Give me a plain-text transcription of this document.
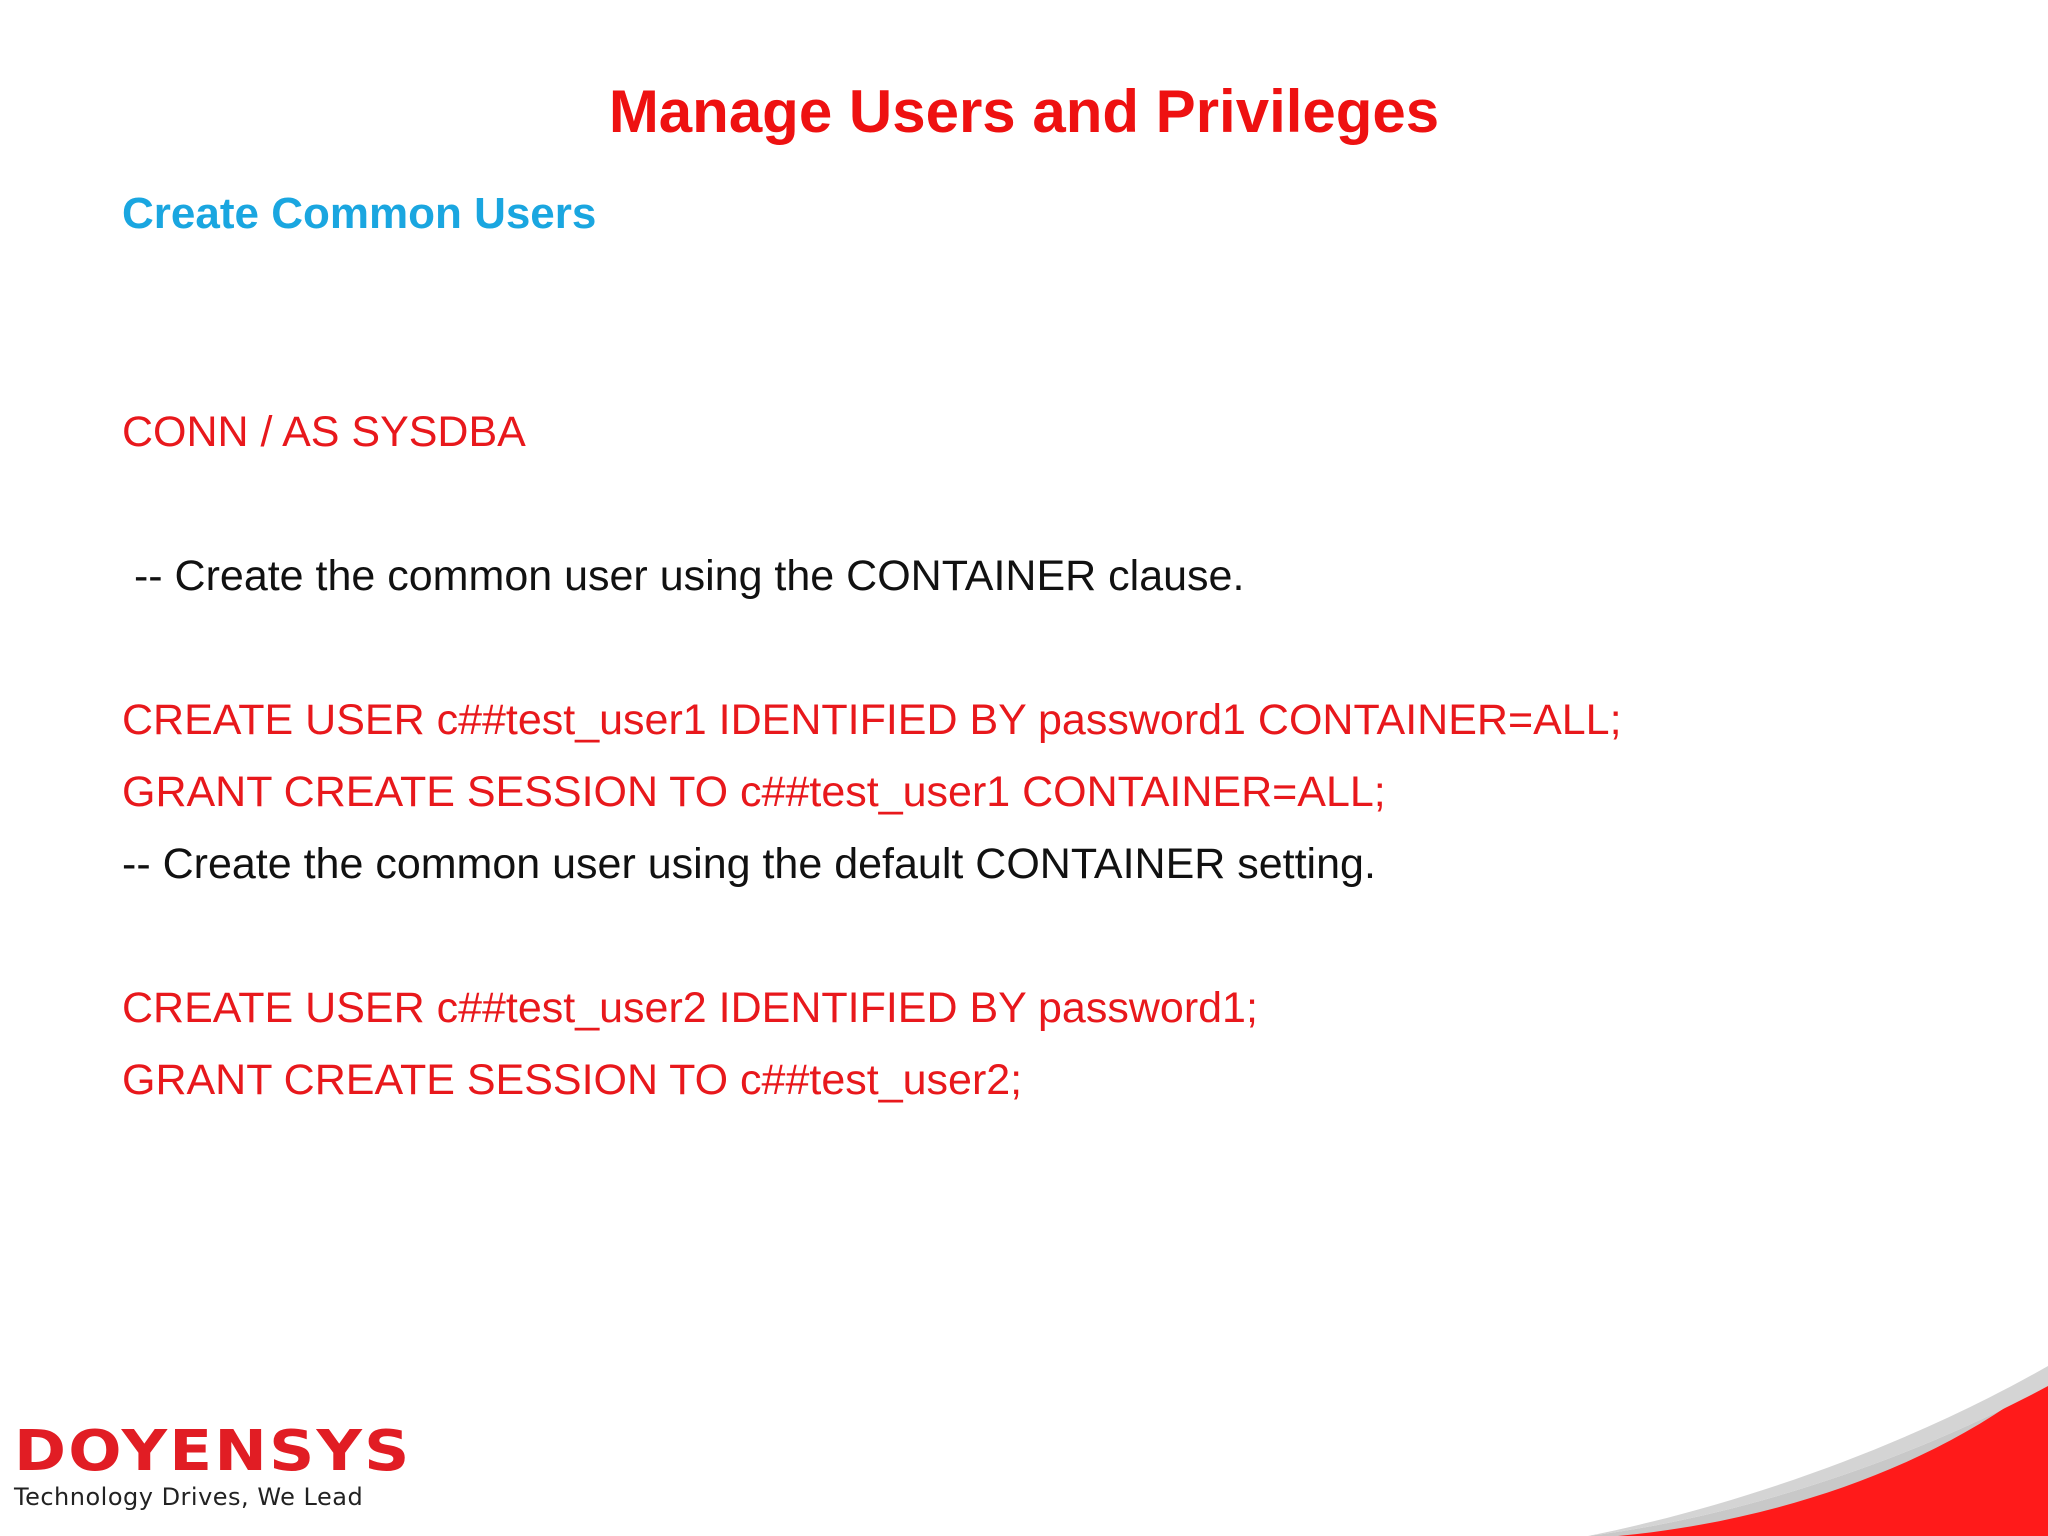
Manage Users and Privileges
Create Common Users
CONN / AS SYSDBA
-- Create the common user using the CONTAINER clause.
CREATE USER c##test_user1 IDENTIFIED BY password1 CONTAINER=ALL;
GRANT CREATE SESSION TO c##test_user1 CONTAINER=ALL;
-- Create the common user using the default CONTAINER setting.
CREATE USER c##test_user2 IDENTIFIED BY password1;
GRANT CREATE SESSION TO c##test_user2;
DOYENSYS
Technology Drives, We Lead
